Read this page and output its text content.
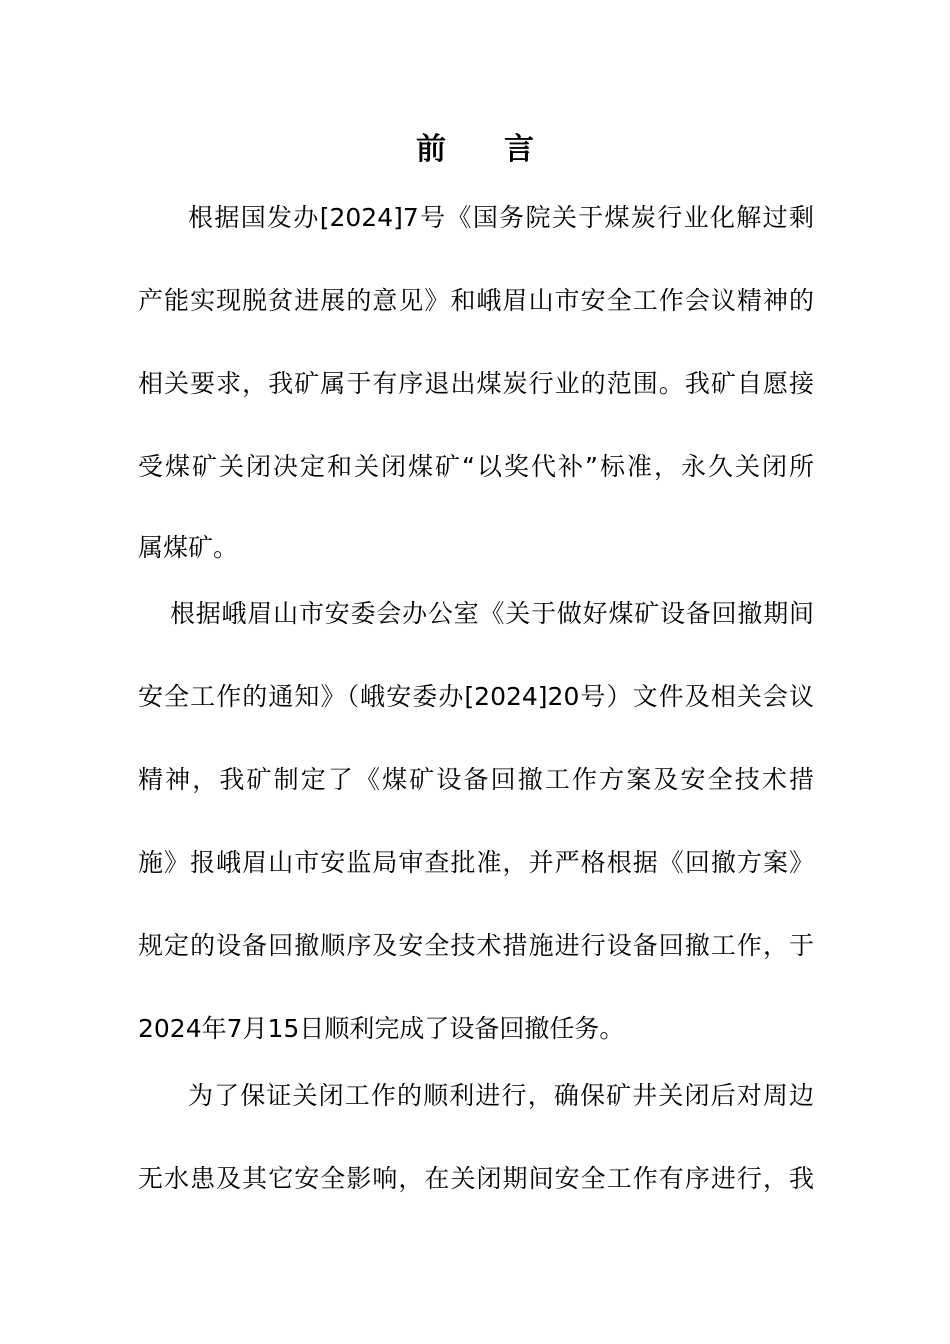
前 言
根据国发办[2024]7号《国务院关于煤炭行业化解过剩
产能实现脱贫进展的意见》和峨眉山市安全工作会议精神的
相关要求，我矿属于有序退出煤炭行业的范围。我矿自愿接
受煤矿关闭决定和关闭煤矿“以奖代补”标准，永久关闭所
属煤矿。
根据峨眉山市安委会办公室《关于做好煤矿设备回撤期间
安全工作的通知》（峨安委办[2024]20号）文件及相关会议
精神，我矿制定了《煤矿设备回撤工作方案及安全技术措
施》报峨眉山市安监局审查批准，并严格根据《回撤方案》
规定的设备回撤顺序及安全技术措施进行设备回撤工作，于
2024年7月15日顺利完成了设备回撤任务。
为了保证关闭工作的顺利进行，确保矿井关闭后对周边
无水患及其它安全影响，在关闭期间安全工作有序进行，我
